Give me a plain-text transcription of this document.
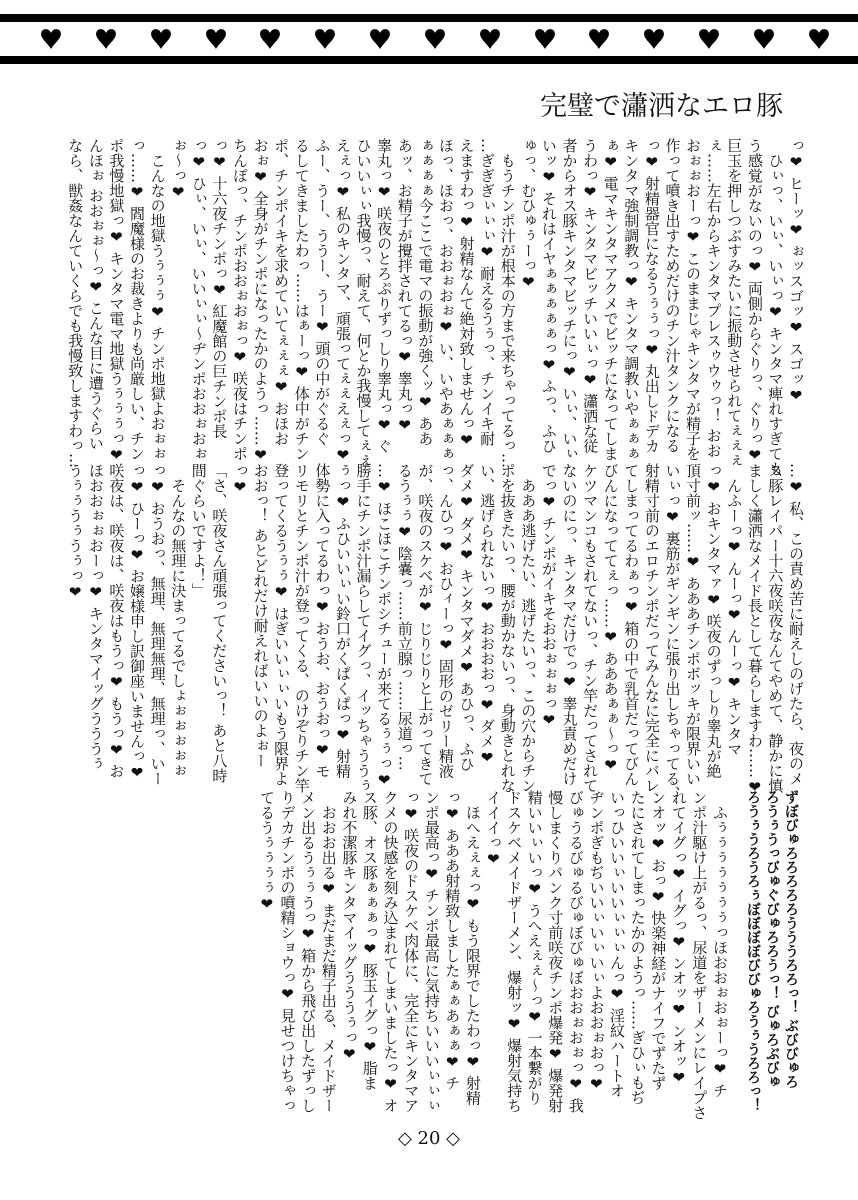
完璧で瀟洒なエロ豚
っ❤ ヒーッ❤ ぉッスゴッ❤ スゴッ❤
　ひぃっ、いぃ、いぃっ❤ キンタマ痺れすぎても
う感覚がないのっ❤ 両側からぐりっ、ぐりっ❤
巨玉を押しつぶすみたいに振動させられてぇぇぇ
ぇ……左右からキンタマプレスゥウゥっ！ おお
おぉぉおーっ❤ このままじゃキンタマが精子を
作って噴き出すためだけのチン汁タンクになる
っ❤ 射精器官になるうぅぅっ❤ 丸出しドデカ
キンタマ強制調教っ❤ キンタマ調教いやぁぁぁ
ぁ❤ 電マキンタマアクメでビッチになってしま
うわっ❤ キンタマビッチいいぃっ❤ 瀟洒な従
者からオス豚キンタマビッチにっ❤ いぃ、いぃ
いッ❤ それはイヤぁぁぁぁぁっ❤ ふっ、ふひ
ゅっ、むひゅぅーっ❤
　もうチンポ汁が根本の方まで来ちゃってるっ…
…ぎぎぎぃぃぃ❤ 耐えるうぅっ、チンイキ耐
えますわっ❤ 射精なんて絶対致しませんっ❤
ほっ、ほおっ、おおぉおぉ❤ い、いやあぁぁぁ
ぁぁぁぁ今ここで電マの振動が強くッ❤ ああ
あッ、お精子が攪拌されてるっ❤ 睾丸っ❤
睾丸っ❤ 咲夜のとろぷりずっしり睾丸っ❤ ぐ
ひいいぃぃ我慢っ、耐えて、何とか我慢してぇぇ
えぇっ❤ 私のキンタマ、頑張ってぇぇえぇっ❤
ふー、うー、ううー、うー❤ 頭の中がぐるぐ
るしてきましたわっ……はぁーっ❤ 体中がチン
ポ、チンポイキを求めていてぇぇぇ❤ おほお
おぉ❤ 全身がチンポになったかのようっ……❤
ちんぽっ、チンポおおぉおぉっ❤ 咲夜はチンポ
っ❤ 十六夜チンポっ❤ 紅魔館の巨チンポ長
っ❤ ひぃ、いぃ、いいぃぃ～ヂンポおおぉおぉ
ぉ～っ❤
　こんなの地獄うぅぅぅ❤ チンポ地獄よおぉぉ
っ……❤ 閻魔様のお裁きよりも尚厳しい、チン
ポ我慢地獄っ❤ キンタマ電マ地獄うぅぅぅっ❤
んほぉ おおぉぉ～っ❤ こんな目に遭うぐらい
なら、獣姦なんていくらでも我慢致しますわっ…
…❤ 私、この責め苦に耐えしのげたら、夜のメ
ス豚レイパー十六夜咲夜なんてやめて、静かに慎
ましく瀟洒なメイド長として暮らしますわ……❤
　んふーっ❤ んーっ❤ んーっ❤ キンタマ
っ❤ おキンタマァ❤ 咲夜のずっしり睾丸が絶
頂寸前ッ……❤ あああチンポボッキが限界いい
いぃっ❤ 裏筋がギンギンに張り出しちゃってる、
射精寸前のエロチンポだってみんなに完全にバレ
てしまってるわぁっ❤ 箱の中で乳首だってびん
びんになっててぇっ……❤ あああぁぁ～っ❤
ケツマンコもされてないっ、チン竿だってされて
ないのにっ、キンタマだけでっ❤ 睾丸責めだけ
でっ❤ チンポがイキそおおぉぉぉっ❤
　あああ逃げたい、逃げたいっ、この穴からチン
ポを抜きたいっ、腰が動かないっ、身動きとれな
い、逃げられないっ❤ おおおおっ❤ ダメ❤
ダメ❤ ダメ❤ キンタマダメ❤ あひっ、ふひ
っ、んひっ❤ おひィーっ❤ 固形のゼリー精液
が、咲夜のスケベが❤ じりじりと上がってきて
るうぅぅ❤ 陰嚢っ……前立腺っ……尿道っ…
…❤ ほこほこチンポシチューが来てるぅぅっ❤
勝手にチンポ汁漏らしてイグっ、イッちゃううぅ
ぅっ❤ ふひいいぃい鈴口がくぱくぱっ❤ 射精
体勢に入ってるわっ❤ おうお、おうおっ❤ モ
リモリとチンポ汁が登ってくる、のけぞりチン竿
登ってくるうぅぅ❤ はぎいいぃぃいもう限界よ
おおっ！ あとどれだけ耐えればいいのよぉー
っ❤
「さ、咲夜さん頑張ってくださいっ！ あと八時
間ぐらいですよ！」
　そんなの無理に決まってるでしょぉぉぉぉぉ
っ❤ おうおっ、無理、無理無理、無理っ、いー
っ❤ ひーっ❤ お嬢様申し訳御座いませんっ❤
咲夜は、咲夜は、咲夜はもうっ❤ もうっ❤ お
ほおおぉぉおーっ❤ キンタマイッグうううぅ
うぅぅうぅうぅっ❤
ずぼびゅろろろろろうううろろっ！ ぶびびゅろ
ろうぅうっびゅぐびゅろろうっ！ びゅろぶびゅ
ろうぅうろうろぅぼぼぼぼびびゅろうぅうろろっ！
　ふぅぅぅぅぅぅぅっほおおぉおぉーっ❤ チ
ンポ汁駆け上がるっ、尿道をザーメンにレイプさ
れてイグっ❤ イグっ❤ ンオッ❤ ンオッ❤
ンオッ❤ おっ❤ 快楽神経がナイフでずたず
たにされてしまったかのようっ……ぎひぃもぢ
いっひいいぃいいぃぃぃんっ❤ 淫紋ハートオ
ヂンポぎもぢいいぃいぃいぃよおおぉおっ❤
びゅうるびゅるびゅぼびゅぼおおぉおぉっ❤ 我
慢しまくりパンク寸前咲夜チンポ爆発❤ 爆発射
精いいぃいっ❤ うへえぇぇ～っ❤ 一本繋がり
ドスケベメイドザーメン、爆射ッ❤ 爆射気持ち
イイイっ❤
　ほへえぇぇっ❤ もう限界でしたわっ❤ 射精
っ❤ あああ射精致しましたぁぁあぁぁ❤ チ
ンポ最高っ❤ チンポ最高に気持ちいいいぃぃぃ
っ❤ 咲夜のドスケベ肉体に、完全にキンタマア
クメの快感を刻み込まれてしまいましたっ❤ オ
ス豚、オス豚ぁぁぁっ❤ 豚玉イグっ❤ 脂ま
みれ不潔豚キンタマイッグうううぅっ❤
　おおお出る❤ まだまだ精子出る、メイドザー
メン出るうぅぅうっ❤ 箱から飛び出したずっし
りデカチンポの噴精ショウっ❤ 見せつけちゃっ
てるうぅぅぅぅ❤
◇ 20 ◇
